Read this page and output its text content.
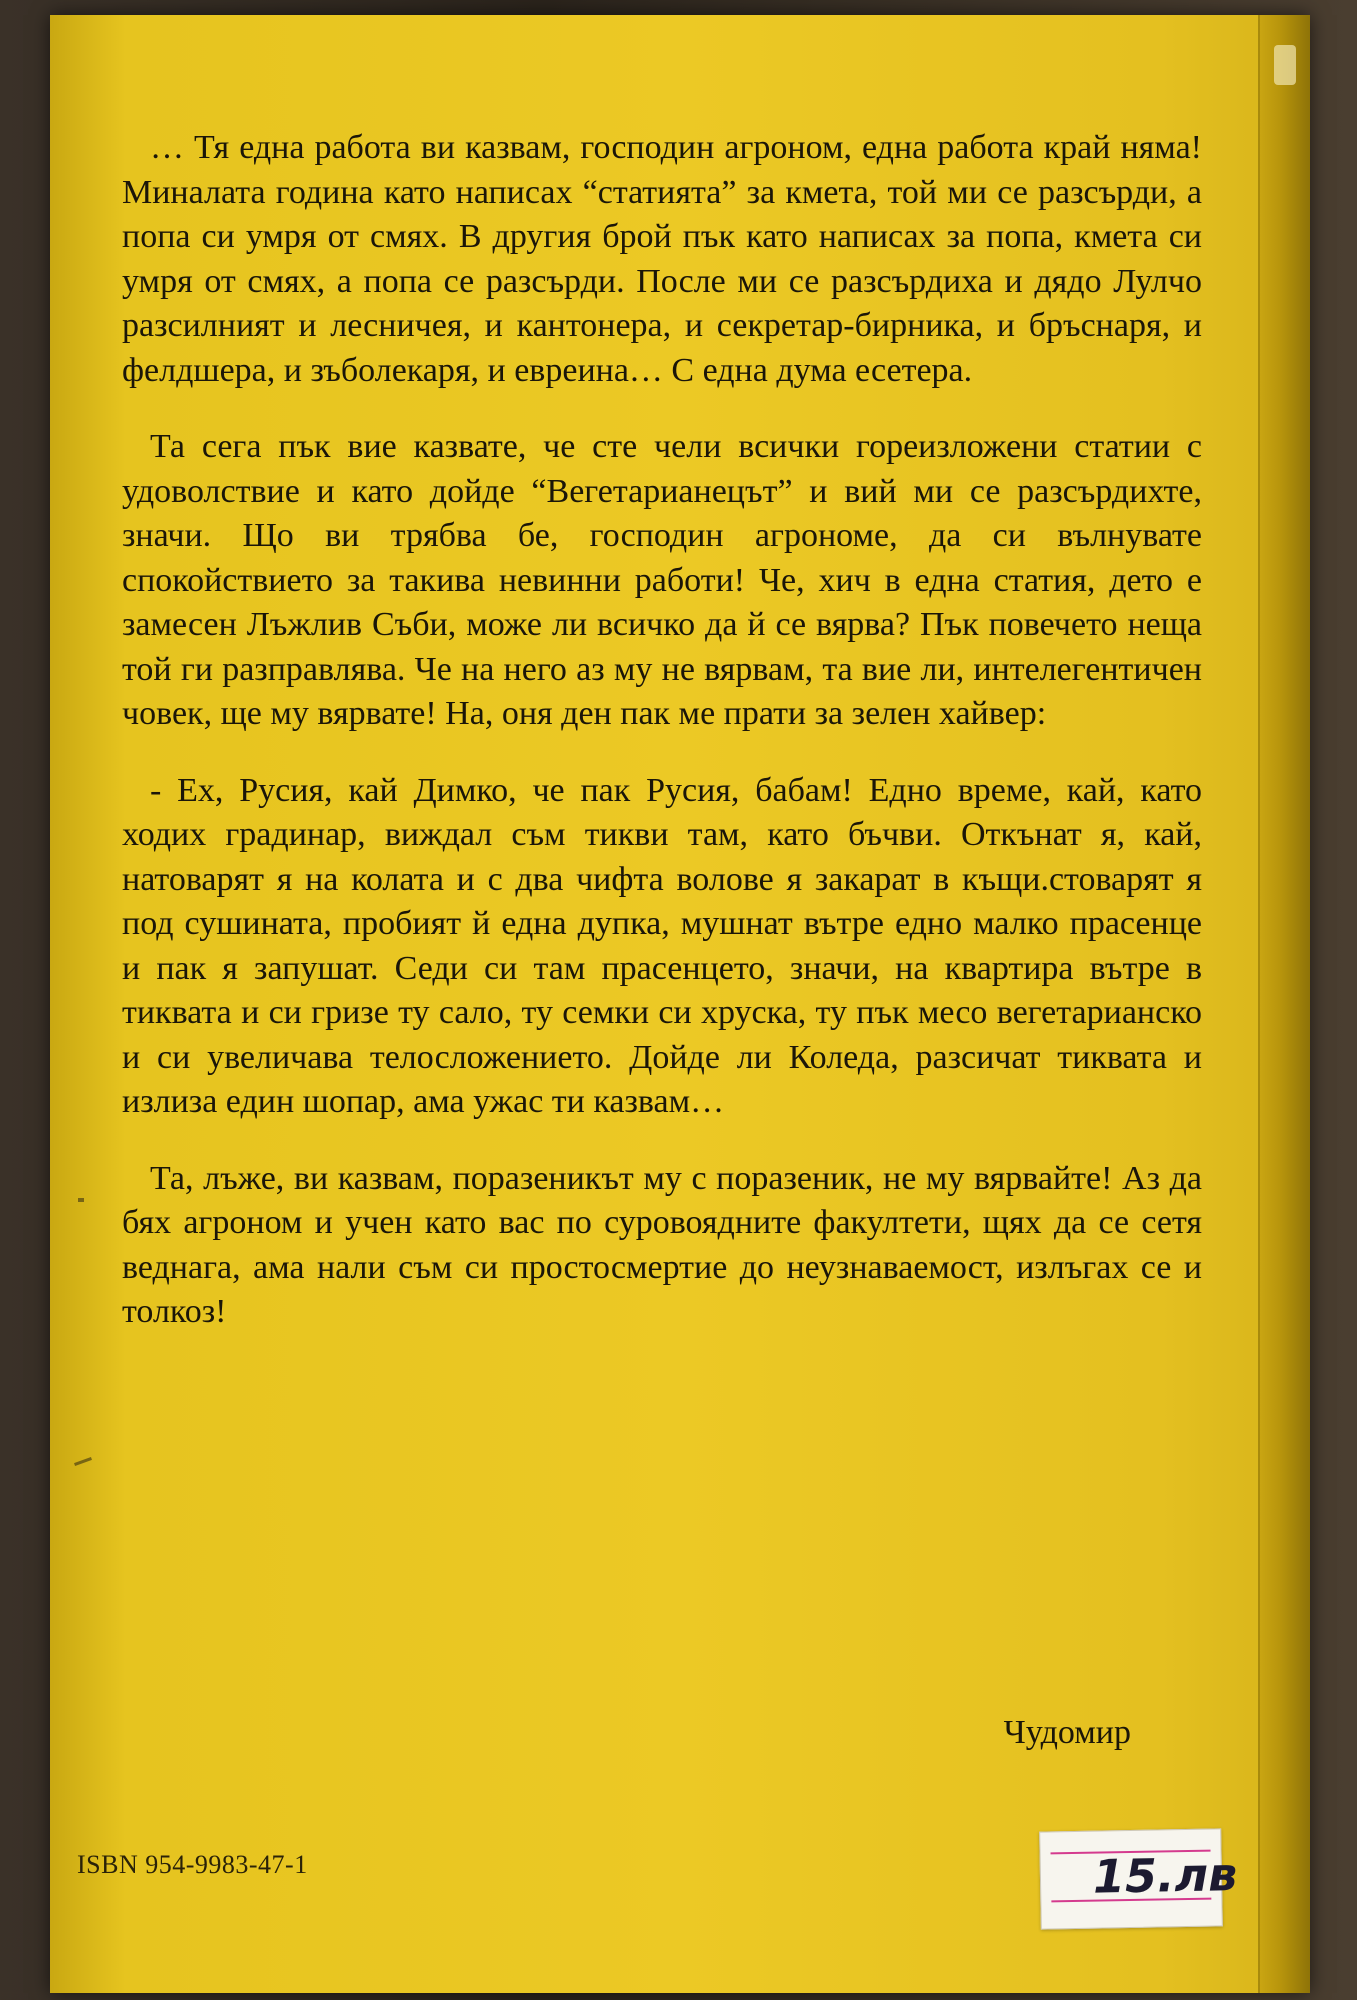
… Тя една работа ви казвам, господин агроном, една работа край няма! Миналата година като написах “статията” за кмета, той ми се разсърди, а попа си умря от смях. В другия брой пък като написах за попа, кмета си умря от смях, а попа се разсърди. После ми се разсърдиха и дядо Лулчо разсилният и лесничея, и кантонера, и секретар-бирника, и бръснаря, и фелдшера, и зъболекаря, и евреина… С една дума есетера.

Та сега пък вие казвате, че сте чели всички гореизложени статии с удоволствие и като дойде “Вегетарианецът” и вий ми се разсърдихте, значи. Що ви трябва бе, господин агрономе, да си вълнувате спокойствието за такива невинни работи! Че, хич в една статия, дето е замесен Лъжлив Съби, може ли всичко да й се вярва? Пък повечето неща той ги разправлява. Че на него аз му не вярвам, та вие ли, интелегентичен човек, ще му вярвате! На, оня ден пак ме прати за зелен хайвер:

- Ех, Русия, кай Димко, че пак Русия, бабам! Едно време, кай, като ходих градинар, виждал съм тикви там, като бъчви. Откънат я, кай, натоварят я на колата и с два чифта волове я закарат в къщи.стоварят я под сушината, пробият й една дупка, мушнат вътре едно малко прасенце и пак я запушат. Седи си там прасенцето, значи, на квартира вътре в тиквата и си гризе ту сало, ту семки си хруска, ту пък месо вегетарианско и си увеличава телосложението. Дойде ли Коледа, разсичат тиквата и излиза един шопар, ама ужас ти казвам…

Та, лъже, ви казвам, поразеникът му с поразеник, не му вярвайте! Аз да бях агроном и учен като вас по суровоядните факултети, щях да се сетя веднага, ама нали съм си простосмертие до неузнаваемост, излъгах се и толкоз!

Чудомир
ISBN 954-9983-47-1	15.лв
